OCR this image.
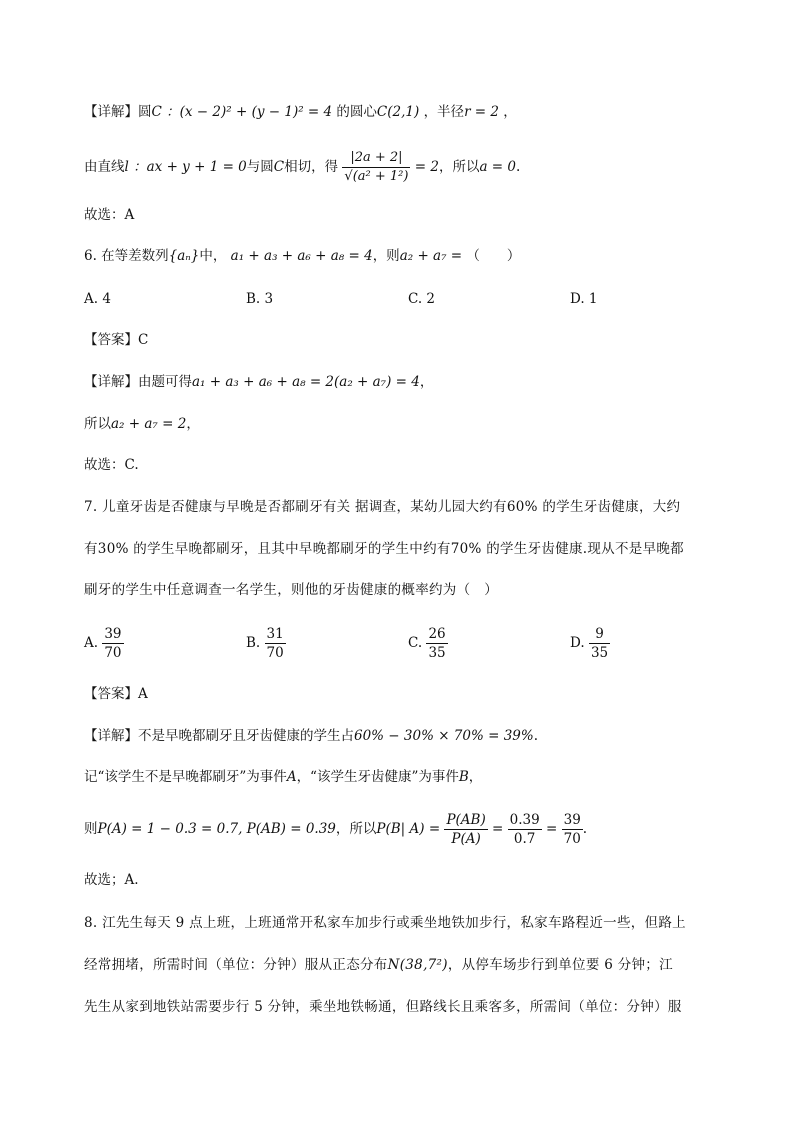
【详解】圆C ：(x − 2)² + (y − 1)² = 4 的圆心C(2,1) ，半径r = 2 ，
由直线l ：ax + y + 1 = 0与圆C相切，得 $\frac{|2a + 2|}{\text{√(a² + 1²)}} = 2$，所以a = 0.
故选：A
6. 在等差数列{aₙ}中， a₁ + a₃ + a₆ + a₈ = 4，则a₂ + a₇ = （　　）
A. 4	B. 3	C. 2	D. 1
【答案】C
【详解】由题可得a₁ + a₃ + a₆ + a₈ = 2(a₂ + a₇) = 4，
所以a₂ + a₇ = 2，
故选：C.
7. 儿童牙齿是否健康与早晚是否都刷牙有关 据调查，某幼儿园大约有60% 的学生牙齿健康，大约
有30% 的学生早晚都刷牙，且其中早晚都刷牙的学生中约有70% 的学生牙齿健康.现从不是早晚都
刷牙的学生中任意调查一名学生，则他的牙齿健康的概率约为（　）
A. $\frac{39}{70}$	B. $\frac{31}{70}$	C. $\frac{26}{35}$	D. $\frac{9}{35}$
【答案】A
【详解】不是早晚都刷牙且牙齿健康的学生占60% − 30% × 70% = 39%.
记“该学生不是早晚都刷牙”为事件A，“该学生牙齿健康”为事件B，
则P(A) = 1 − 0.3 = 0.7, P(AB) = 0.39，所以P(B| $A) = \frac{P(AB)}{P(A)} = \frac{0.39}{0.7} = \frac{39}{70}$ .
故选；A.
8. 江先生每天 9 点上班，上班通常开私家车加步行或乘坐地铁加步行，私家车路程近一些，但路上
经常拥堵，所需时间（单位：分钟）服从正态分布N(38,7²)，从停车场步行到单位要 6 分钟；江
先生从家到地铁站需要步行 5 分钟，乘坐地铁畅通，但路线长且乘客多，所需间（单位：分钟）服
